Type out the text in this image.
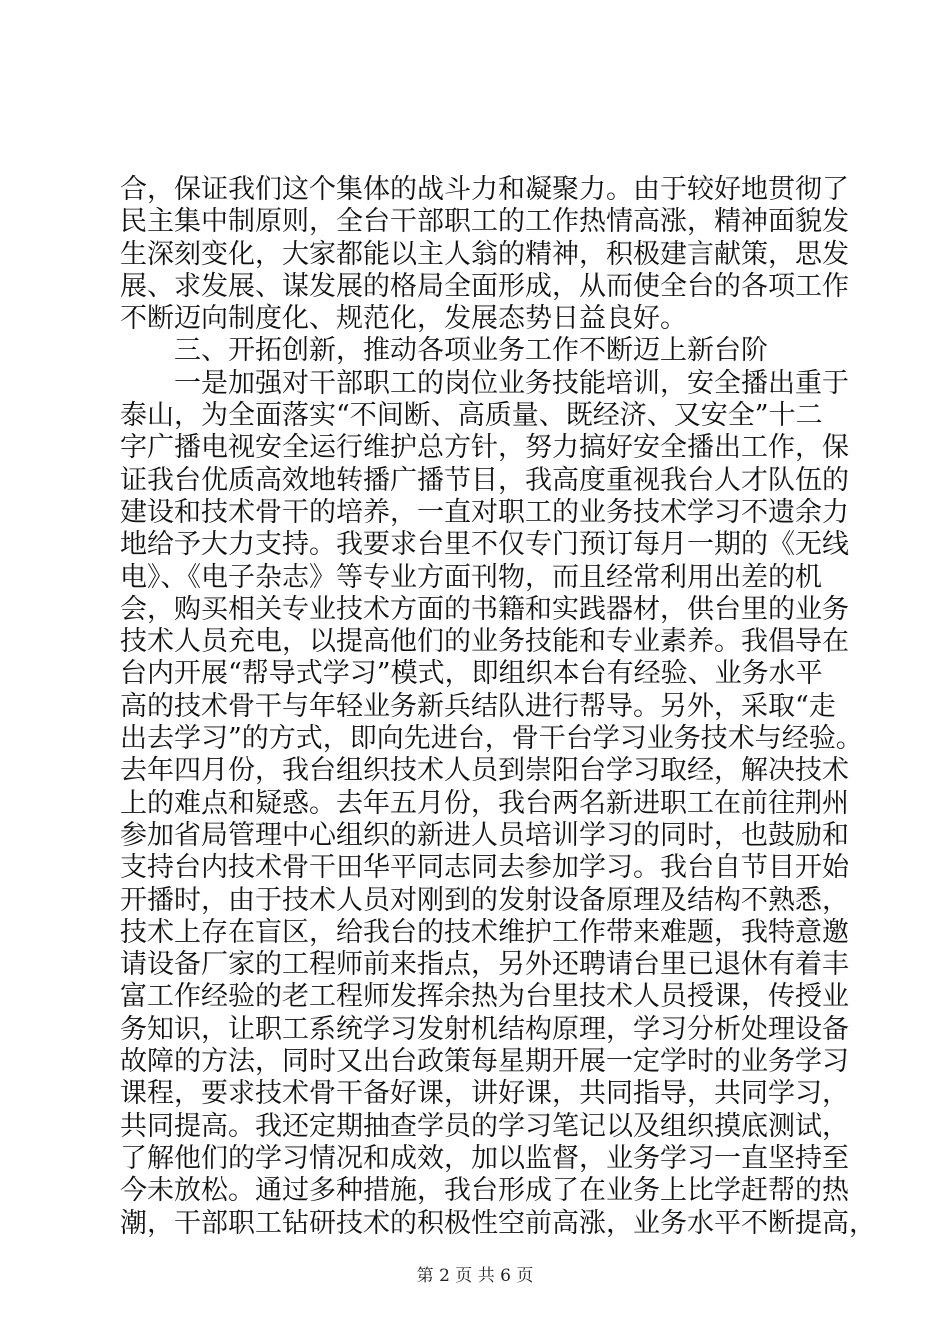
合，保证我们这个集体的战斗力和凝聚力。由于较好地贯彻了
民主集中制原则，全台干部职工的工作热情高涨，精神面貌发
生深刻变化，大家都能以主人翁的精神，积极建言献策，思发
展、求发展、谋发展的格局全面形成，从而使全台的各项工作
不断迈向制度化、规范化，发展态势日益良好。
三、开拓创新，推动各项业务工作不断迈上新台阶
一是加强对干部职工的岗位业务技能培训，安全播出重于
泰山，为全面落实“不间断、高质量、既经济、又安全”十二
字广播电视安全运行维护总方针，努力搞好安全播出工作，保
证我台优质高效地转播广播节目，我高度重视我台人才队伍的
建设和技术骨干的培养，一直对职工的业务技术学习不遗余力
地给予大力支持。我要求台里不仅专门预订每月一期的《无线
电》、《电子杂志》等专业方面刊物，而且经常利用出差的机
会，购买相关专业技术方面的书籍和实践器材，供台里的业务
技术人员充电，以提高他们的业务技能和专业素养。我倡导在
台内开展“帮导式学习”模式，即组织本台有经验、业务水平
高的技术骨干与年轻业务新兵结队进行帮导。另外，采取“走
出去学习”的方式，即向先进台，骨干台学习业务技术与经验。
去年四月份，我台组织技术人员到崇阳台学习取经，解决技术
上的难点和疑惑。去年五月份，我台两名新进职工在前往荆州
参加省局管理中心组织的新进人员培训学习的同时，也鼓励和
支持台内技术骨干田华平同志同去参加学习。我台自节目开始
开播时，由于技术人员对刚到的发射设备原理及结构不熟悉，
技术上存在盲区，给我台的技术维护工作带来难题，我特意邀
请设备厂家的工程师前来指点，另外还聘请台里已退休有着丰
富工作经验的老工程师发挥余热为台里技术人员授课，传授业
务知识，让职工系统学习发射机结构原理，学习分析处理设备
故障的方法，同时又出台政策每星期开展一定学时的业务学习
课程，要求技术骨干备好课，讲好课，共同指导，共同学习，
共同提高。我还定期抽查学员的学习笔记以及组织摸底测试，
了解他们的学习情况和成效，加以监督，业务学习一直坚持至
今未放松。通过多种措施，我台形成了在业务上比学赶帮的热
潮，干部职工钻研技术的积极性空前高涨，业务水平不断提高，
第 2 页 共 6 页
